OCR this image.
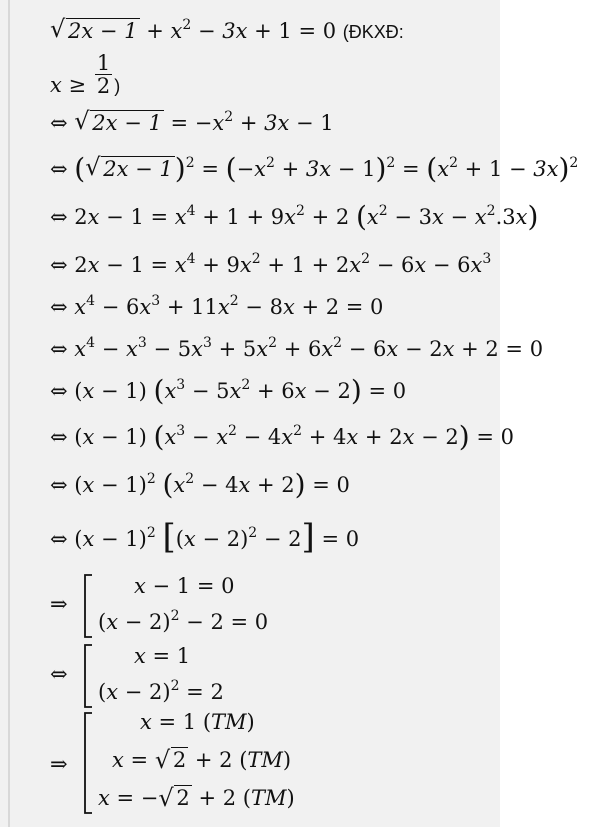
√ $2x - 1 + x^2 - 3x + 1 = 0$ (ĐKXĐ:
$x \ge \frac{1}{2}$ )
⇔ √ $2x - 1 = -x^2 + 3x - 1$
⇔ ( √ $2x - 1)^2 = (-x^2 + 3x - 1)^2 = (x^2 + 1 - 3x)^2$
⇔ $2x - 1 = x^4 + 1 + 9x^2 + 2$ $(x^2 - 3x - x^2.3x)$
⇔ $2x - 1 = x^4 + 9x^2 + 1 + 2x^2 - 6x - 6x^3$
⇔ $x^4 - 6x^3 + 11x^2 - 8x + 2 = 0$
⇔ $x^4 - x^3 - 5x^3 + 5x^2 + 6x^2 - 6x - 2x + 2 = 0$
⇔ (x − 1) $(x^3 - 5x^2 + 6x - 2) = 0$
⇔ (x − 1) $(x^3 - x^2 - 4x^2 + 4x + 2x - 2) = 0$
⇔ $(x - 1)^2$ $(x^2 - 4x + 2) = 0$
⇔ $(x - 1)^2$ $[(x - 2)^2 - 2] = 0$
⇒
x − 1 = 0
$(x - 2)^2 - 2 = 0$
⇔
x = 1
$(x - 2)^2 = 2$
⇒
x = 1 (TM)
x = √ 2 + 2 (TM)
x = − √ 2 + 2 (TM)
